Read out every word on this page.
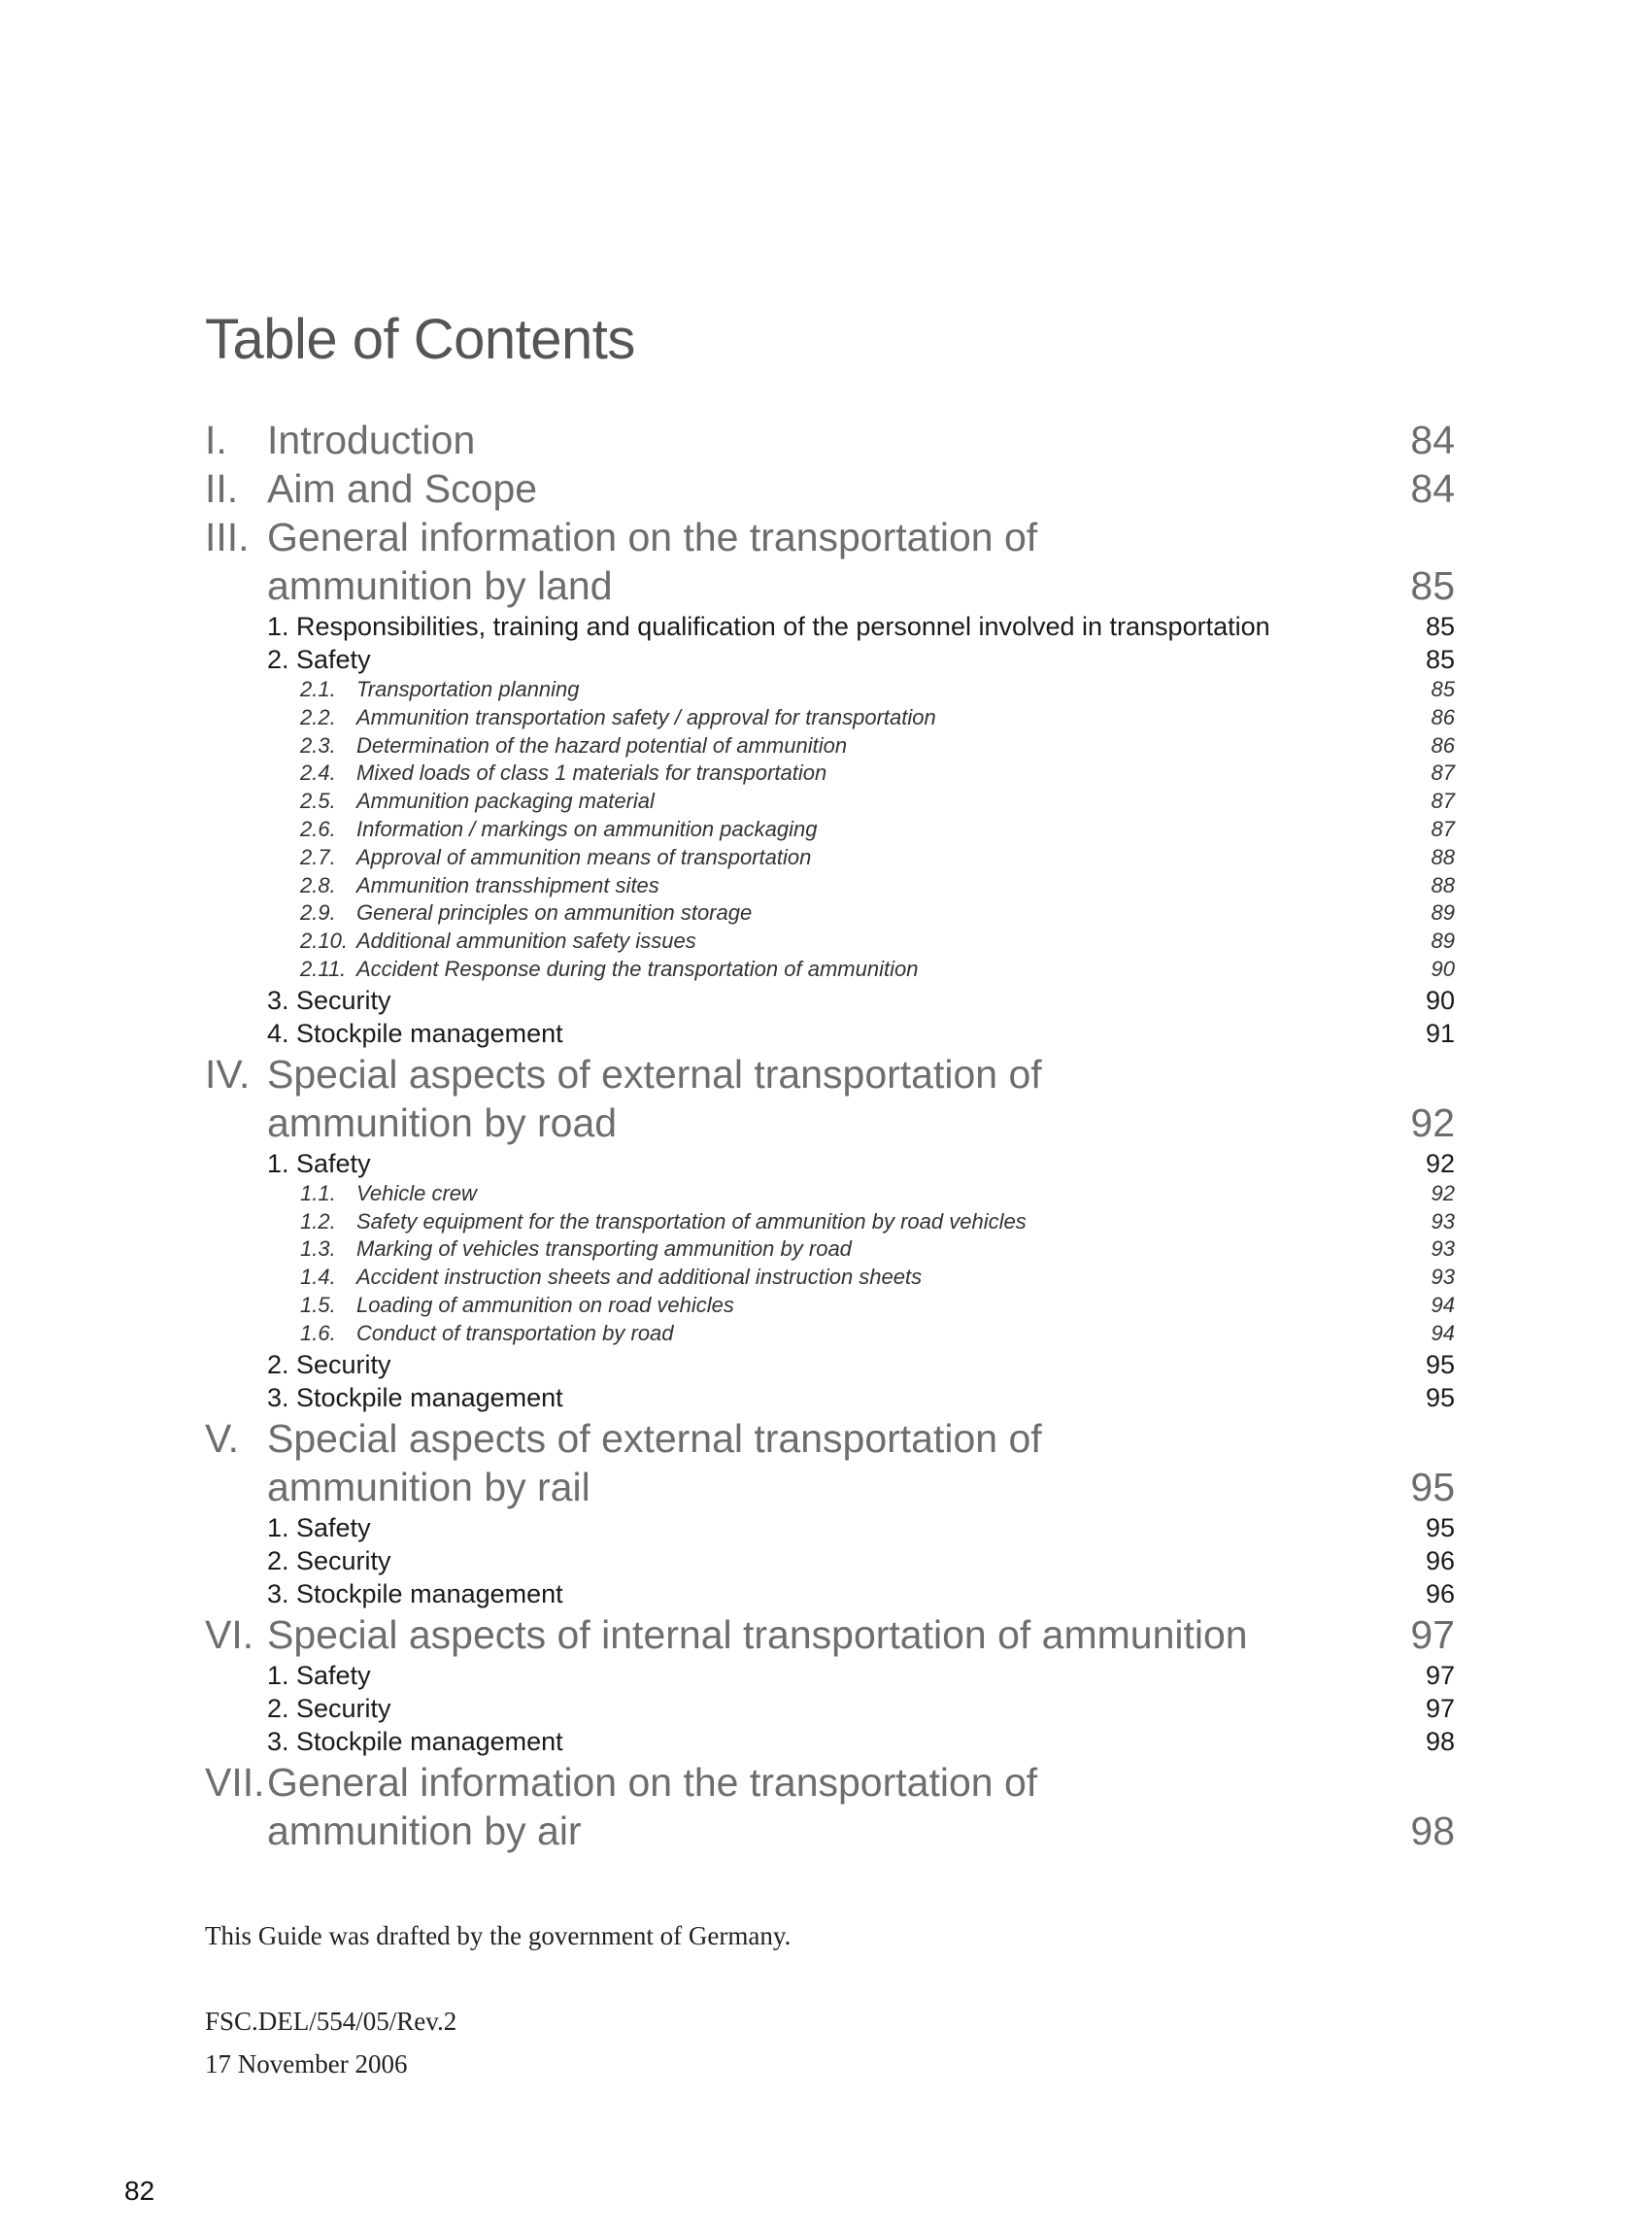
Table of Contents
I. Introduction	84
II. Aim and Scope	84
III. General information on the transportation of
ammunition by land	85
1. Responsibilities, training and qualification of the personnel involved in transportation	85
2. Safety	85
2.1. Transportation planning	85
2.2. Ammunition transportation safety / approval for transportation	86
2.3. Determination of the hazard potential of ammunition	86
2.4. Mixed loads of class 1 materials for transportation	87
2.5. Ammunition packaging material	87
2.6. Information / markings on ammunition packaging	87
2.7. Approval of ammunition means of transportation	88
2.8. Ammunition transshipment sites	88
2.9. General principles on ammunition storage	89
2.10. Additional ammunition safety issues	89
2.11. Accident Response during the transportation of ammunition	90
3. Security	90
4. Stockpile management	91
IV. Special aspects of external transportation of
ammunition by road	92
1. Safety	92
1.1. Vehicle crew	92
1.2. Safety equipment for the transportation of ammunition by road vehicles	93
1.3. Marking of vehicles transporting ammunition by road	93
1.4. Accident instruction sheets and additional instruction sheets	93
1.5. Loading of ammunition on road vehicles	94
1.6. Conduct of transportation by road	94
2. Security	95
3. Stockpile management	95
V. Special aspects of external transportation of
ammunition by rail	95
1. Safety	95
2. Security	96
3. Stockpile management	96
VI. Special aspects of internal transportation of ammunition	97
1. Safety	97
2. Security	97
3. Stockpile management	98
VII. General information on the transportation of
ammunition by air	98
This Guide was drafted by the government of Germany.
FSC.DEL/554/05/Rev.2
17 November 2006
82
